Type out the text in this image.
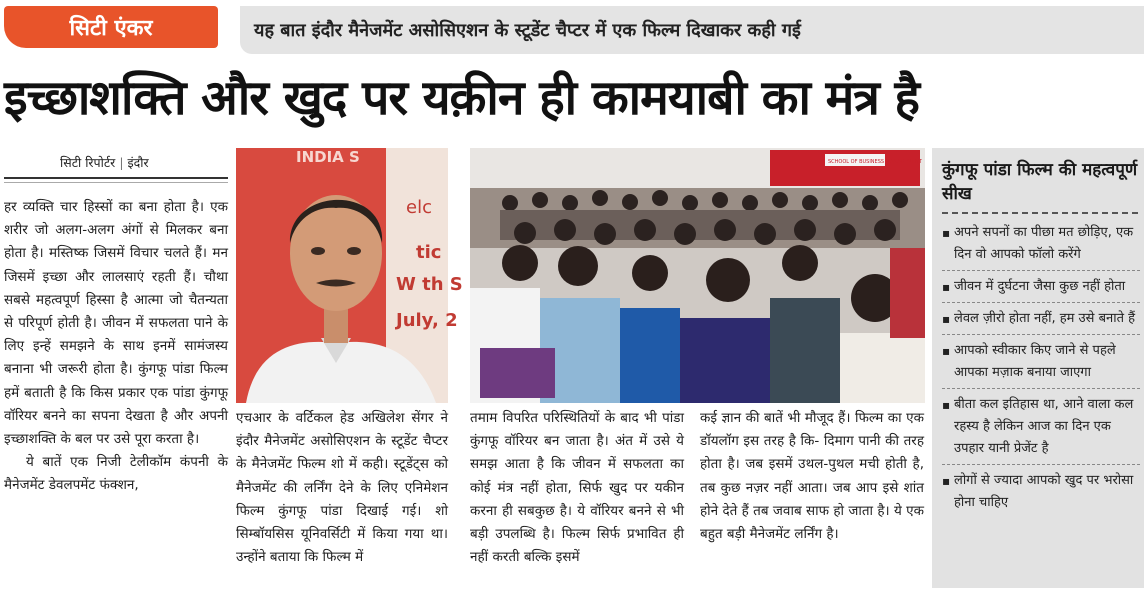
सिटी एंकर	यह बात इंदौर मैनेजमेंट असोसिएशन के स्टूडेंट चैप्टर में एक फिल्म दिखाकर कही गई
इच्छाशक्ति और खुद पर यक़ीन ही कामयाबी का मंत्र है
सिटी रिपोर्टर | इंदौर

हर व्यक्ति चार हिस्सों का बना होता है। एक शरीर जो अलग-अलग अंगों से मिलकर बना होता है। मस्तिष्क जिसमें विचार चलते हैं। मन जिसमें इच्छा और लालसाएं रहती हैं। चौथा सबसे महत्वपूर्ण हिस्सा है आत्मा जो चैतन्यता से परिपूर्ण होती है। जीवन में सफलता पाने के लिए इन्हें समझने के साथ इनमें सामंजस्य बनाना भी जरूरी होता है। कुंगफू पांडा फिल्म हमें बताती है कि किस प्रकार एक पांडा कुंगफू वॉरियर बनने का सपना देखता है और अपनी इच्छाशक्ति के बल पर उसे पूरा करता है।

ये बातें एक निजी टेलीकॉम कंपनी के मैनेजमेंट डेवलपमेंट फंक्शन,

INDIA S
elc
tic
W th S
July, 2

एचआर के वर्टिकल हेड अखिलेश सेंगर ने इंदौर मैनेजमेंट असोसिएशन के स्टूडेंट चैप्टर के मैनेजमेंट फिल्म शो में कही। स्टूडेंट्स को मैनेजमेंट की लर्निंग देने के लिए एनिमेशन फिल्म कुंगफू पांडा दिखाई गई। शो सिम्बॉयसिस यूनिवर्सिटी में किया गया था। उन्होंने बताया कि फिल्म में

SCHOOL OF BUSINESS MANAGEMENT

तमाम विपरित परिस्थितियों के बाद भी पांडा कुंगफू वॉरियर बन जाता है। अंत में उसे ये समझ आता है कि जीवन में सफलता का कोई मंत्र नहीं होता, सिर्फ खुद पर यकीन करना ही सबकुछ है। ये वॉरियर बनने से भी बड़ी उपलब्धि है। फिल्म सिर्फ प्रभावित ही नहीं करती बल्कि इसमें

कई ज्ञान की बातें भी मौजूद हैं। फिल्म का एक डॉयलॉग इस तरह है कि- दिमाग पानी की तरह होता है। जब इसमें उथल-पुथल मची होती है, तब कुछ नज़र नहीं आता। जब आप इसे शांत होने देते हैं तब जवाब साफ हो जाता है। ये एक बहुत बड़ी मैनेजमेंट लर्निंग है।

कुंगफू पांडा फिल्म की महत्वपूर्ण सीख
▪ अपने सपनों का पीछा मत छोड़िए, एक दिन वो आपको फॉलो करेंगे
▪ जीवन में दुर्घटना जैसा कुछ नहीं होता
▪ लेवल ज़ीरो होता नहीं, हम उसे बनाते हैं
▪ आपको स्वीकार किए जाने से पहले आपका मज़ाक बनाया जाएगा
▪ बीता कल इतिहास था, आने वाला कल रहस्य है लेकिन आज का दिन एक उपहार यानी प्रेजेंट है
▪ लोगों से ज्यादा आपको खुद पर भरोसा होना चाहिए
